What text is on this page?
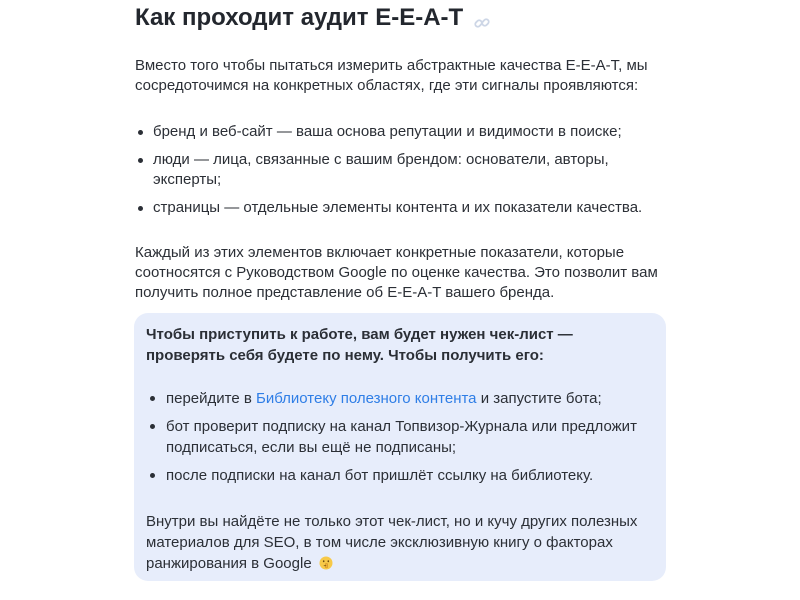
Как проходит аудит E-E-A-T

Вместо того чтобы пытаться измерить абстрактные качества E-E-A-T, мы сосредоточимся на конкретных областях, где эти сигналы проявляются:

бренд и веб-сайт — ваша основа репутации и видимости в поиске;
люди — лица, связанные с вашим брендом: основатели, авторы, эксперты;
страницы — отдельные элементы контента и их показатели качества.

Каждый из этих элементов включает конкретные показатели, которые соотносятся с Руководством Google по оценке качества. Это позволит вам получить полное представление об E-E-A-T вашего бренда.

Чтобы приступить к работе, вам будет нужен чек-лист — проверять себя будете по нему. Чтобы получить его:

перейдите в Библиотеку полезного контента и запустите бота;
бот проверит подписку на канал Топвизор-Журнала или предложит подписаться, если вы ещё не подписаны;
после подписки на канал бот пришлёт ссылку на библиотеку.

Внутри вы найдёте не только этот чек-лист, но и кучу других полезных материалов для SEO, в том числе эксклюзивную книгу о факторах ранжирования в Google
